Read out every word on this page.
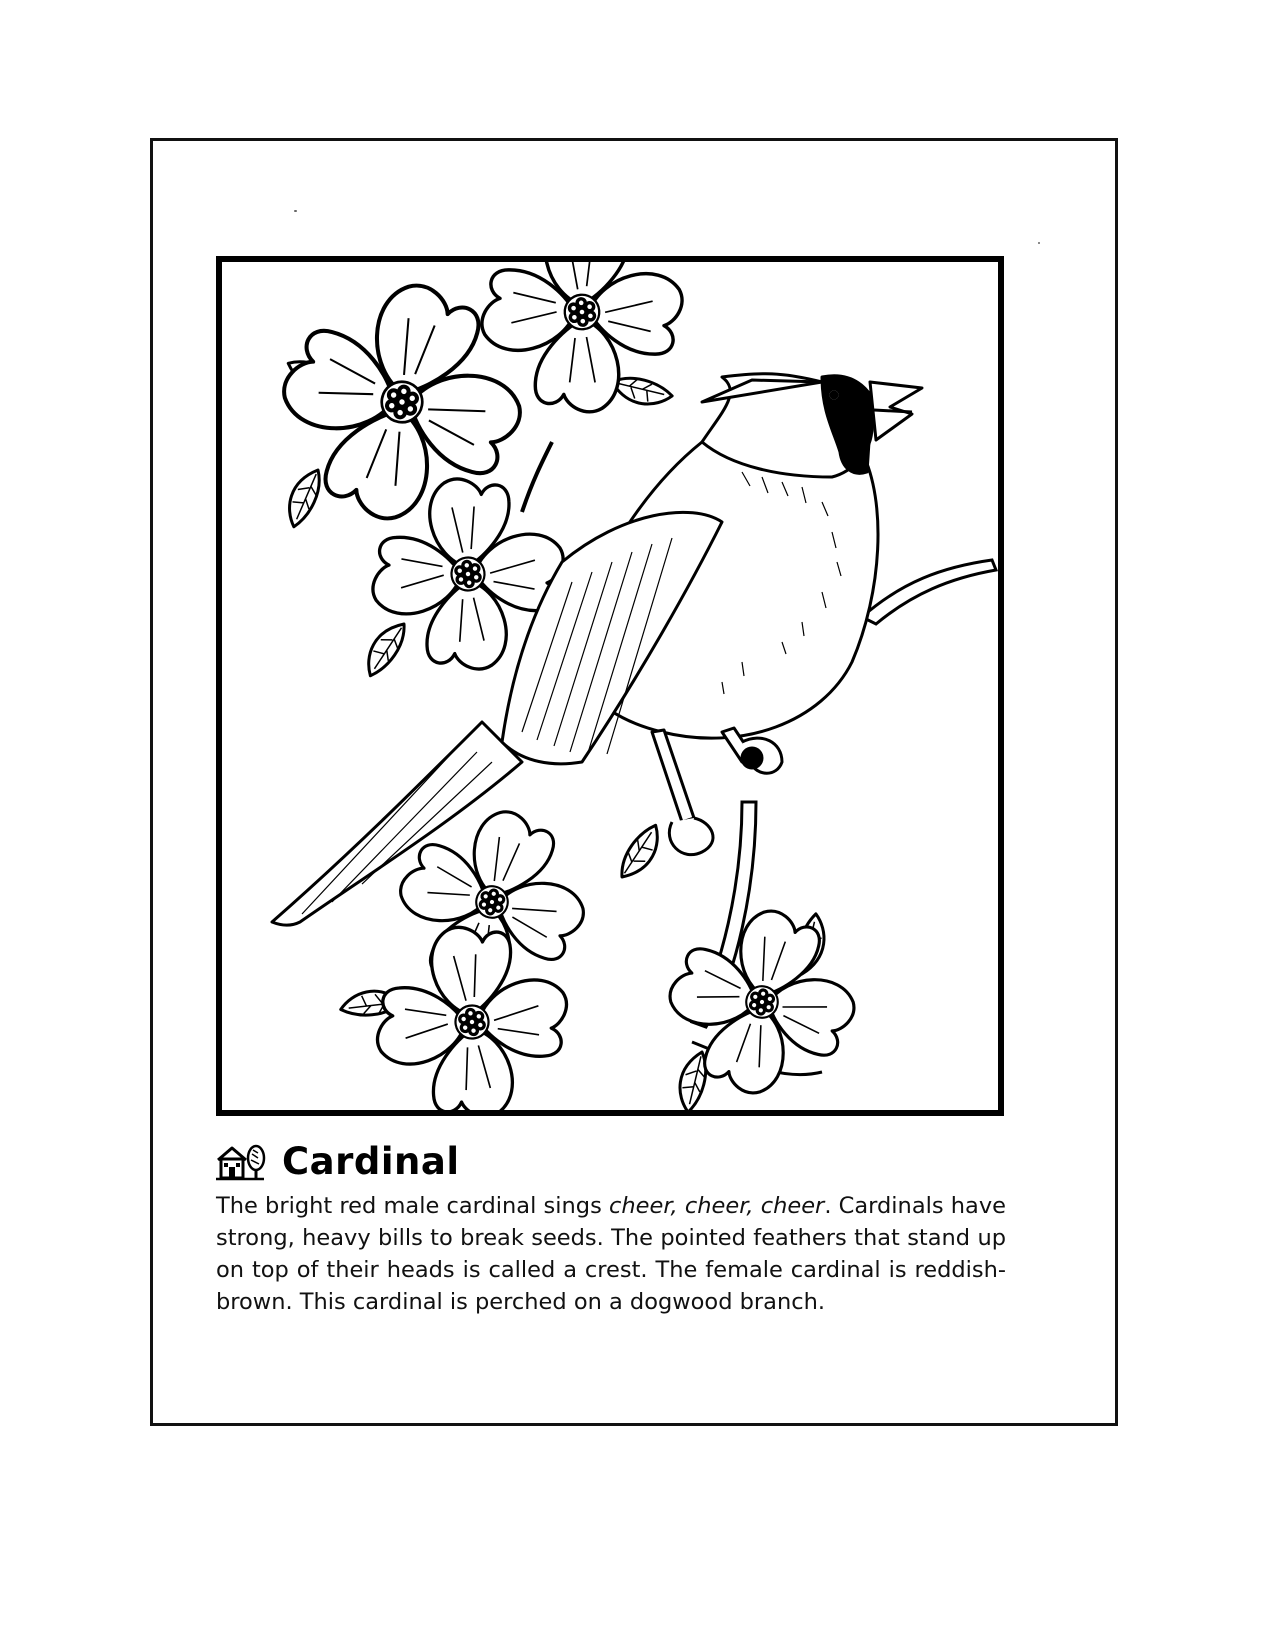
Cardinal
The bright red male cardinal sings cheer, cheer, cheer. Cardinals have strong, heavy bills to break seeds. The pointed feathers that stand up on top of their heads is called a crest. The female cardinal is reddish-brown. This cardinal is perched on a dogwood branch.
